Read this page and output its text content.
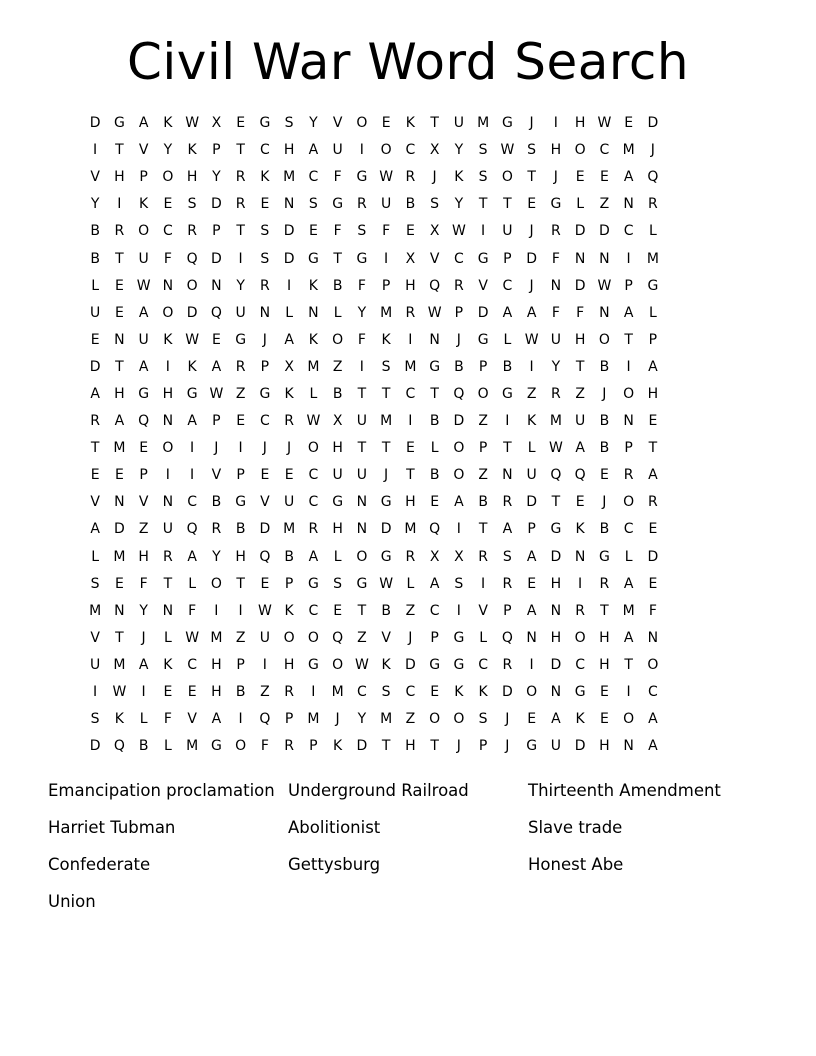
Civil War Word Search
D G	A	K W X	E	G	S	Y	V O	E	K	T	U M G	J	I	H W E	D
I	T	V	Y	K	P	T	C	H	A	U	I	O C	X	Y	S W S	H O C M	J
V	H	P	O H	Y	R	K M C	F	G W R	J	K	S	O	T	J	E	E	A Q
Y	I	K	E	S	D R	E	N	S	G R	U	B	S	Y	T	T	E	G	L	Z	N	R
B	R O C	R	P	T	S	D	E	F	S	F	E	X W	I	U	J	R	D D C	L
B	T	U	F	Q D	I	S	D G	T	G	I	X	V	C G	P	D	F	N N	I	M
L	E W N O N	Y	R	I	K	B	F	P	H Q R	V	C	J	N D W P	G
U	E	A O D Q U N	L	N	L	Y M R W P	D	A	A	F	F	N	A	L
E	N U	K W E	G	J	A	K	O	F	K	I	N	J	G	L W U H O	T	P
D	T	A	I	K	A	R	P	X M Z	I	S M G	B	P	B	I	Y	T	B	I	A
A	H G H G W Z	G	K	L	B	T	T	C	T	Q O G	Z	R	Z	J	O H
R	A Q N	A	P	E	C	R W X	U M	I	B	D	Z	I	K M U	B	N	E
T M E	O	I	J	I	J	J	O H	T	T	E	L	O	P	T	L W A	B	P	T
E	E	P	I	I	V	P	E	E	C	U	U	J	T	B O Z	N U Q Q	E	R	A
V	N	V	N	C	B	G	V	U	C G N G H	E	A	B	R	D	T	E	J	O R
A	D	Z	U Q R	B	D M R	H N D M Q	I	T	A	P	G	K	B	C	E
L	M H	R	A	Y	H Q B	A	L	O G R	X	X	R	S	A	D N G	L	D
S	E	F	T	L	O	T	E	P	G	S	G W L	A	S	I	R	E	H	I	R	A	E
M N	Y	N	F	I	I	W K	C	E	T	B	Z	C	I	V	P	A	N	R	T M	F
V	T	J	L W M Z	U O O Q Z	V	J	P	G	L	Q N H O H	A	N
U M A	K	C	H	P	I	H G O W K	D G G C	R	I	D C	H	T	O
I	W	I	E	E	H	B	Z	R	I	M C	S	C	E	K	K	D O N G	E	I	C
S	K	L	F	V	A	I	Q	P M	J	Y M Z O O	S	J	E	A	K	E	O A
D Q B	L	M G O	F	R	P	K	D	T	H	T	J	P	J	G U D H N	A
Emancipation proclamation Underground Railroad	Thirteenth Amendment
Harriet Tubman	Abolitionist	Slave trade
Confederate	Gettysburg	Honest Abe
Union
